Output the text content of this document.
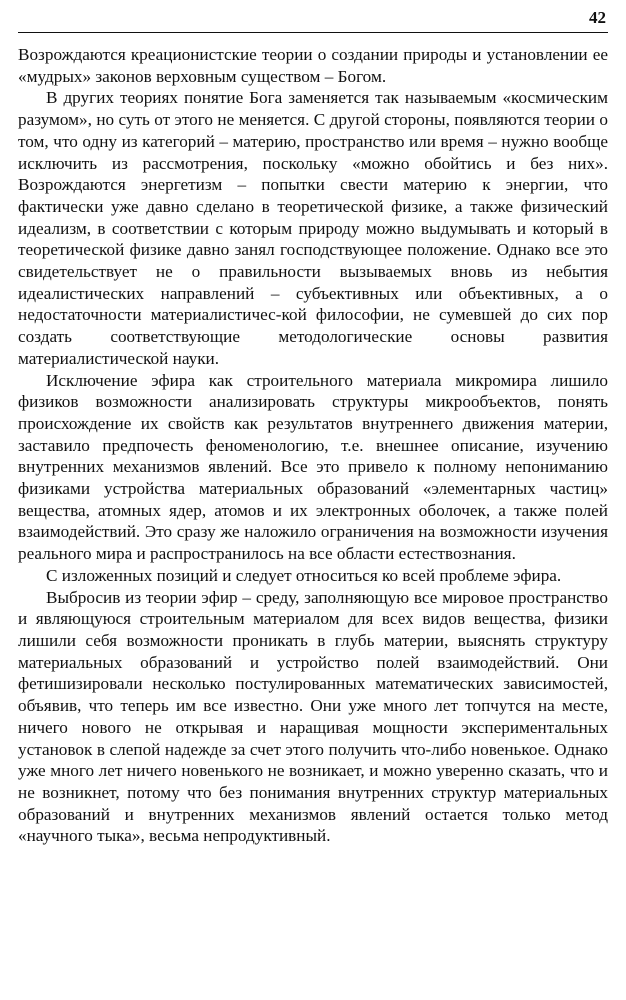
42

Возрождаются креационистские теории о создании природы и установлении ее «мудрых» законов верховным существом – Богом.

В других теориях понятие Бога заменяется так называемым «космическим разумом», но суть от этого не меняется. С другой стороны, появляются теории о том, что одну из категорий – материю, пространство или время – нужно вообще исключить из рассмотрения, поскольку «можно обойтись и без них». Возрождаются энергетизм – попытки свести материю к энергии, что фактически уже давно сделано в теоретической физике, а также физический идеализм, в соответствии с которым природу можно выдумывать и который в теоретической физике давно занял господствующее положение. Однако все это свидетельствует не о правильности вызываемых вновь из небытия идеалистических направлений – субъективных или объективных, а о недостаточности материалистичес-кой философии, не сумевшей до сих пор создать соответствующие методологические основы развития материалистической науки.

Исключение эфира как строительного материала микромира лишило физиков возможности анализировать структуры микрообъектов, понять происхождение их свойств как результатов внутреннего движения материи, заставило предпочесть феноменологию, т.е. внешнее описание, изучению внутренних механизмов явлений. Все это привело к полному непониманию физиками устройства материальных образований «элементарных частиц» вещества, атомных ядер, атомов и их электронных оболочек, а также полей взаимодействий. Это сразу же наложило ограничения на возможности изучения реального мира и распространилось на все области естествознания.

С изложенных позиций и следует относиться ко всей проблеме эфира.

Выбросив из теории эфир – среду, заполняющую все мировое пространство и являющуюся строительным материалом для всех видов вещества, физики лишили себя возможности проникать в глубь материи, выяснять структуру материальных образований и устройство полей взаимодействий. Они фетишизировали несколько постулированных математических зависимостей, объявив, что теперь им все известно. Они уже много лет топчутся на месте, ничего нового не открывая и наращивая мощности экспериментальных установок в слепой надежде за счет этого получить что-либо новенькое. Однако уже много лет ничего новенького не возникает, и можно уверенно сказать, что и не возникнет, потому что без понимания внутренних структур материальных образований и внутренних механизмов явлений остается только метод «научного тыка», весьма непродуктивный.
